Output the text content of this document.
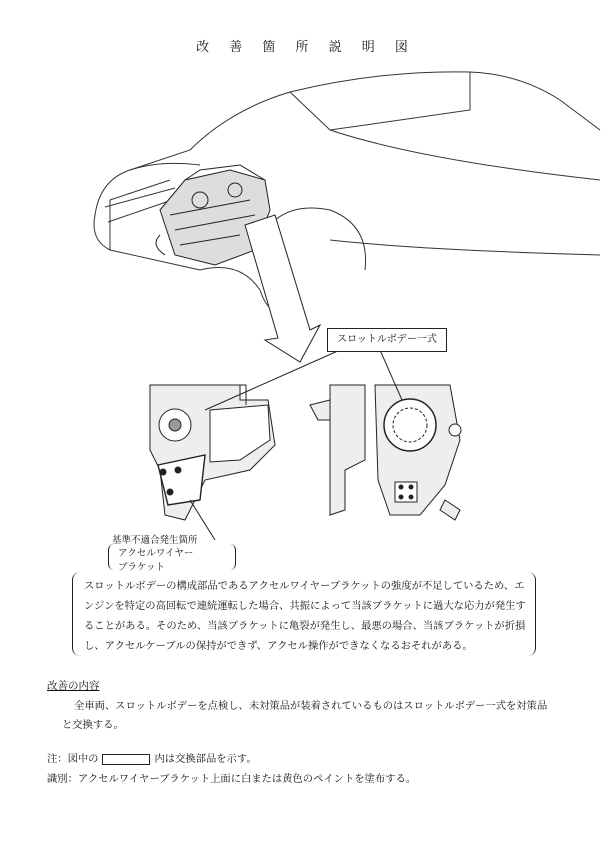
改 善 箇 所 説 明 図
スロットルボデー一式
基準不適合発生箇所
アクセルワイヤー
ブラケット
スロットルボデーの構成部品であるアクセルワイヤーブラケットの強度が不足しているため、エンジンを特定の高回転で連続運転した場合、共振によって当該ブラケットに過大な応力が発生することがある。そのため、当該ブラケットに亀裂が発生し、最悪の場合、当該ブラケットが折損し、アクセルケーブルの保持ができず、アクセル操作ができなくなるおそれがある。
改善の内容
全車両、スロットルボデーを点検し、未対策品が装着されているものはスロットルボデー一式を対策品と交換する。
注：図中の	内は交換部品を示す。
識別：アクセルワイヤーブラケット上面に白または黄色のペイントを塗布する。
